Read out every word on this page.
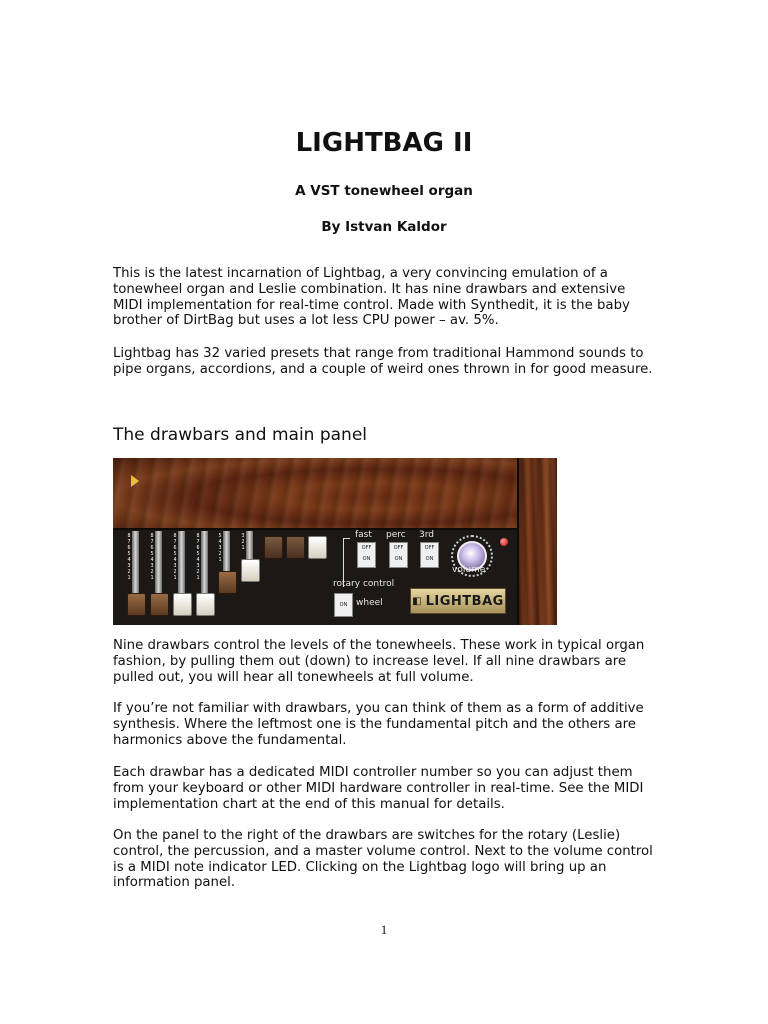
LIGHTBAG II

A VST tonewheel organ

By Istvan Kaldor

This is the latest incarnation of Lightbag, a very convincing emulation of a tonewheel organ and Leslie combination. It has nine drawbars and extensive MIDI implementation for real-time control. Made with Synthedit, it is the baby brother of DirtBag but uses a lot less CPU power – av. 5%.

Lightbag has 32 varied presets that range from traditional Hammond sounds to pipe organs, accordions, and a couple of weird ones thrown in for good measure.

The drawbars and main panel
87654321
87654321
87654321
87654321
54321
321
fast perc 3rd
OFF
ON
OFF
ON
OFF
ON
rotary control
ON wheel
volume
◧ LIGHTBAG

Nine drawbars control the levels of the tonewheels. These work in typical organ fashion, by pulling them out (down) to increase level. If all nine drawbars are pulled out, you will hear all tonewheels at full volume.

If you’re not familiar with drawbars, you can think of them as a form of additive synthesis. Where the leftmost one is the fundamental pitch and the others are harmonics above the fundamental.

Each drawbar has a dedicated MIDI controller number so you can adjust them from your keyboard or other MIDI hardware controller in real-time. See the MIDI implementation chart at the end of this manual for details.

On the panel to the right of the drawbars are switches for the rotary (Leslie) control, the percussion, and a master volume control. Next to the volume control is a MIDI note indicator LED. Clicking on the Lightbag logo will bring up an information panel.

1
